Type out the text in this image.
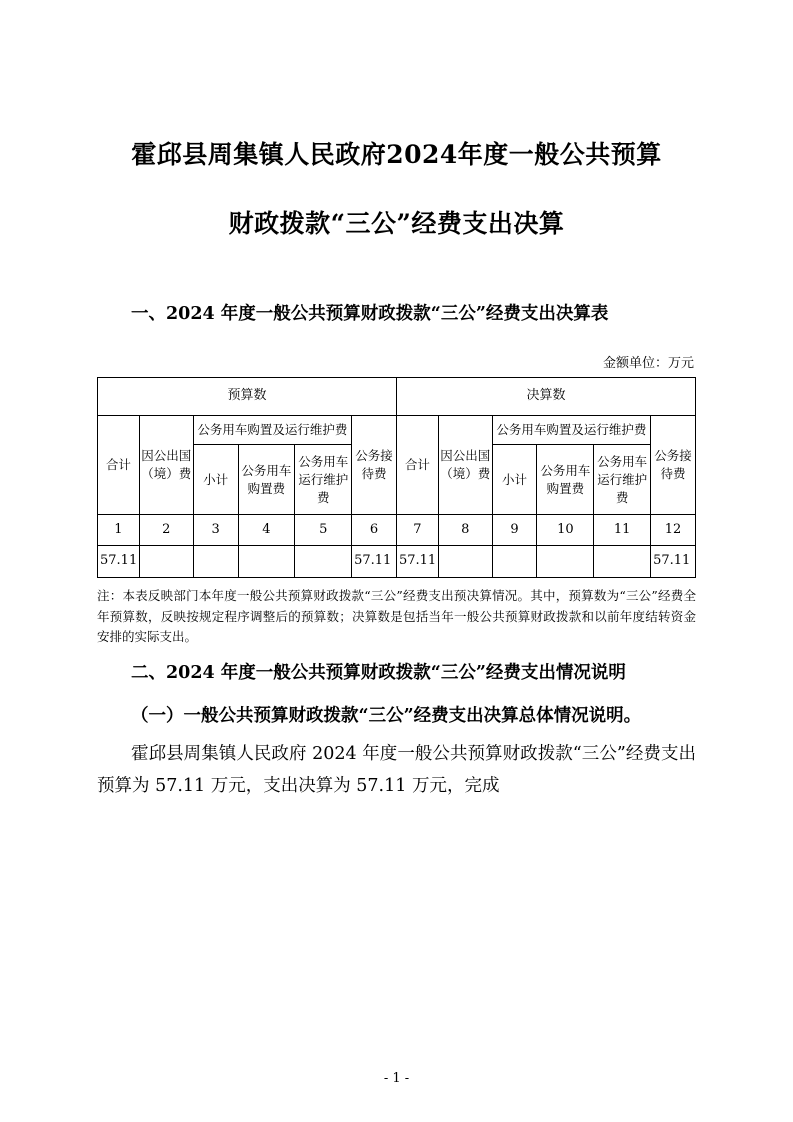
霍邱县周集镇人民政府2024年度一般公共预算
财政拨款“三公”经费支出决算
一、2024 年度一般公共预算财政拨款“三公”经费支出决算表
金额单位：万元
预算数						决算数					
合计	因公出国（境）费	公务用车购置及运行维护费			公务接待费	合计	因公出国（境）费	公务用车购置及运行维护费			公务接待费
		小计	公务用车购置费	公务用车运行维护费				小计	公务用车购置费	公务用车运行维护费	
1	2	3	4	5	6	7	8	9	10	11	12
57.11					57.11	57.11					57.11
注：本表反映部门本年度一般公共预算财政拨款“三公”经费支出预决算情况。其中，预算数为“三公”经费全年预算数，反映按规定程序调整后的预算数；决算数是包括当年一般公共预算财政拨款和以前年度结转资金安排的实际支出。
二、2024 年度一般公共预算财政拨款“三公”经费支出情况说明
（一）一般公共预算财政拨款“三公”经费支出决算总体情况说明。
霍邱县周集镇人民政府 2024 年度一般公共预算财政拨款“三公”经费支出预算为 57.11 万元，支出决算为 57.11 万元，完成
- 1 -
